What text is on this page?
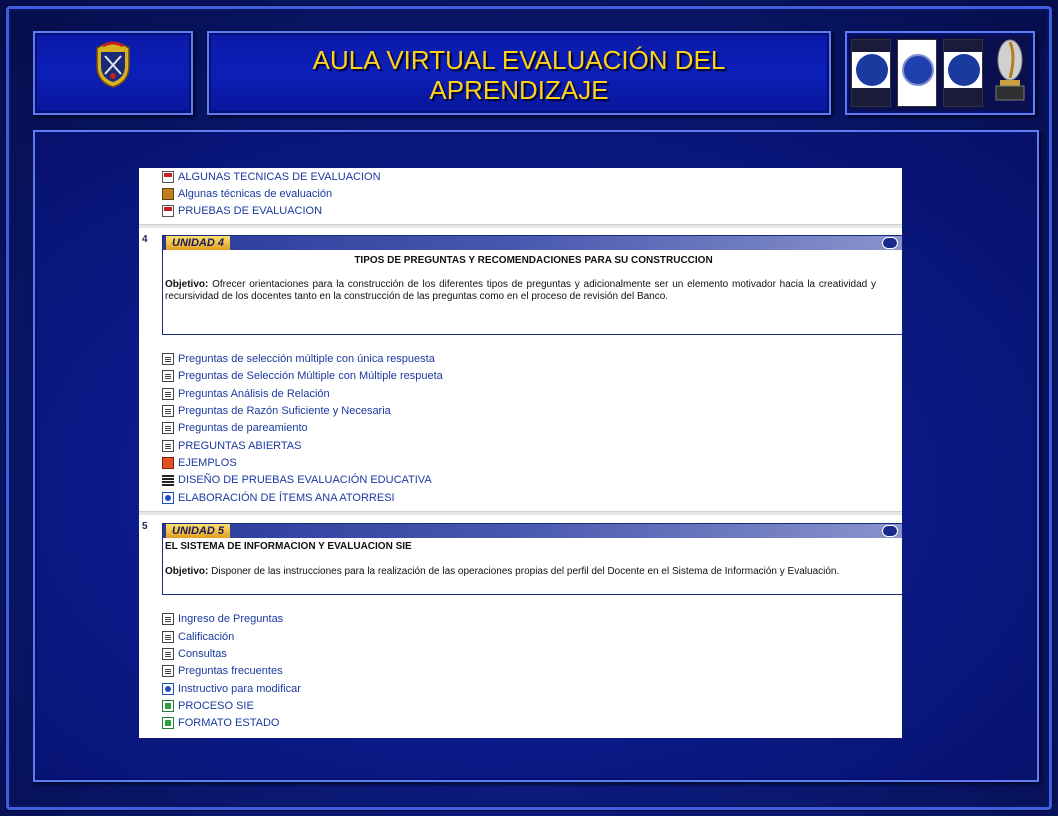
AULA VIRTUAL EVALUACIÓN DEL
APRENDIZAJE
ALGUNAS TECNICAS DE EVALUACION
Algunas técnicas de evaluación
PRUEBAS DE EVALUACION
4	UNIDAD 4
TIPOS DE PREGUNTAS Y RECOMENDACIONES PARA SU CONSTRUCCION
Objetivo: Ofrecer orientaciones para la construcción de los diferentes tipos de preguntas y adicionalmente ser un elemento motivador hacia la creatividad y recursividad de los docentes tanto en la construcción de las preguntas como en el proceso de revisión del Banco.
Preguntas de selección múltiple con única respuesta
Preguntas de Selección Múltiple con Múltiple respueta
Preguntas Análisis de Relación
Preguntas de Razón Suficiente y Necesaria
Preguntas de pareamiento
PREGUNTAS ABIERTAS
EJEMPLOS
DISEÑO DE PRUEBAS EVALUACIÓN EDUCATIVA
ELABORACIÓN DE ÍTEMS ANA ATORRESI
5	UNIDAD 5
EL SISTEMA DE INFORMACION Y EVALUACION SIE
Objetivo: Disponer de las instrucciones para la realización de las operaciones propias del perfil del Docente en el Sistema de Información y Evaluación.
Ingreso de Preguntas
Calificación
Consultas
Preguntas frecuentes
Instructivo para modificar
PROCESO SIE
FORMATO ESTADO
